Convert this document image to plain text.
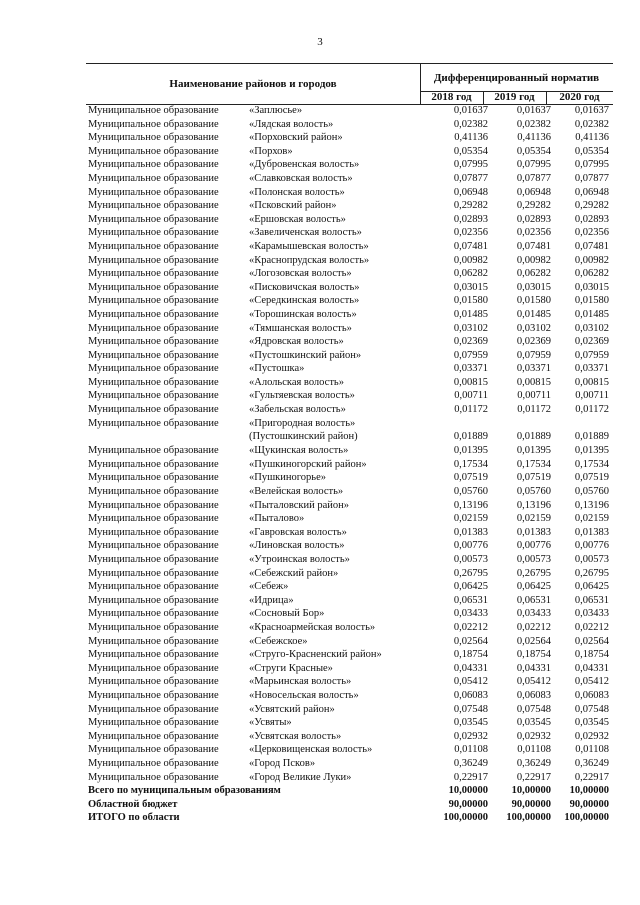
3
Наименование районов и городов
Дифференцированный норматив
2018 год	2019 год	2020 год
Муниципальное образование	«Заплюсье»	0,01637	0,01637	0,01637
Муниципальное образование	«Лядская волость»	0,02382	0,02382	0,02382
Муниципальное образование	«Порховский район»	0,41136	0,41136	0,41136
Муниципальное образование	«Порхов»	0,05354	0,05354	0,05354
Муниципальное образование	«Дубровенская волость»	0,07995	0,07995	0,07995
Муниципальное образование	«Славковская волость»	0,07877	0,07877	0,07877
Муниципальное образование	«Полонская волость»	0,06948	0,06948	0,06948
Муниципальное образование	«Псковский район»	0,29282	0,29282	0,29282
Муниципальное образование	«Ершовская волость»	0,02893	0,02893	0,02893
Муниципальное образование	«Завеличенская волость»	0,02356	0,02356	0,02356
Муниципальное образование	«Карамышевская волость»	0,07481	0,07481	0,07481
Муниципальное образование	«Краснопрудская волость»	0,00982	0,00982	0,00982
Муниципальное образование	«Логозовская волость»	0,06282	0,06282	0,06282
Муниципальное образование	«Писковичская волость»	0,03015	0,03015	0,03015
Муниципальное образование	«Середкинская волость»	0,01580	0,01580	0,01580
Муниципальное образование	«Торошинская волость»	0,01485	0,01485	0,01485
Муниципальное образование	«Тямшанская волость»	0,03102	0,03102	0,03102
Муниципальное образование	«Ядровская волость»	0,02369	0,02369	0,02369
Муниципальное образование	«Пустошкинский район»	0,07959	0,07959	0,07959
Муниципальное образование	«Пустошка»	0,03371	0,03371	0,03371
Муниципальное образование	«Алольская волость»	0,00815	0,00815	0,00815
Муниципальное образование	«Гультяевская волость»	0,00711	0,00711	0,00711
Муниципальное образование	«Забельская волость»	0,01172	0,01172	0,01172
Муниципальное образование	«Пригородная волость»
(Пустошкинский район)	0,01889	0,01889	0,01889
Муниципальное образование	«Щукинская волость»	0,01395	0,01395	0,01395
Муниципальное образование	«Пушкиногорский район»	0,17534	0,17534	0,17534
Муниципальное образование	«Пушкиногорье»	0,07519	0,07519	0,07519
Муниципальное образование	«Велейская волость»	0,05760	0,05760	0,05760
Муниципальное образование	«Пыталовский район»	0,13196	0,13196	0,13196
Муниципальное образование	«Пыталово»	0,02159	0,02159	0,02159
Муниципальное образование	«Гавровская волость»	0,01383	0,01383	0,01383
Муниципальное образование	«Линовская волость»	0,00776	0,00776	0,00776
Муниципальное образование	«Утроинская волость»	0,00573	0,00573	0,00573
Муниципальное образование	«Себежский район»	0,26795	0,26795	0,26795
Муниципальное образование	«Себеж»	0,06425	0,06425	0,06425
Муниципальное образование	«Идрица»	0,06531	0,06531	0,06531
Муниципальное образование	«Сосновый Бор»	0,03433	0,03433	0,03433
Муниципальное образование	«Красноармейская волость»	0,02212	0,02212	0,02212
Муниципальное образование	«Себежское»	0,02564	0,02564	0,02564
Муниципальное образование	«Струго-Красненский район»	0,18754	0,18754	0,18754
Муниципальное образование	«Струги Красные»	0,04331	0,04331	0,04331
Муниципальное образование	«Марьинская волость»	0,05412	0,05412	0,05412
Муниципальное образование	«Новосельская волость»	0,06083	0,06083	0,06083
Муниципальное образование	«Усвятский район»	0,07548	0,07548	0,07548
Муниципальное образование	«Усвяты»	0,03545	0,03545	0,03545
Муниципальное образование	«Усвятская волость»	0,02932	0,02932	0,02932
Муниципальное образование	«Церковищенская волость»	0,01108	0,01108	0,01108
Муниципальное образование	«Город Псков»	0,36249	0,36249	0,36249
Муниципальное образование	«Город Великие Луки»	0,22917	0,22917	0,22917
Всего по муниципальным образованиям	10,00000	10,00000	10,00000
Областной бюджет	90,00000	90,00000	90,00000
ИТОГО по области	100,00000	100,00000	100,00000
